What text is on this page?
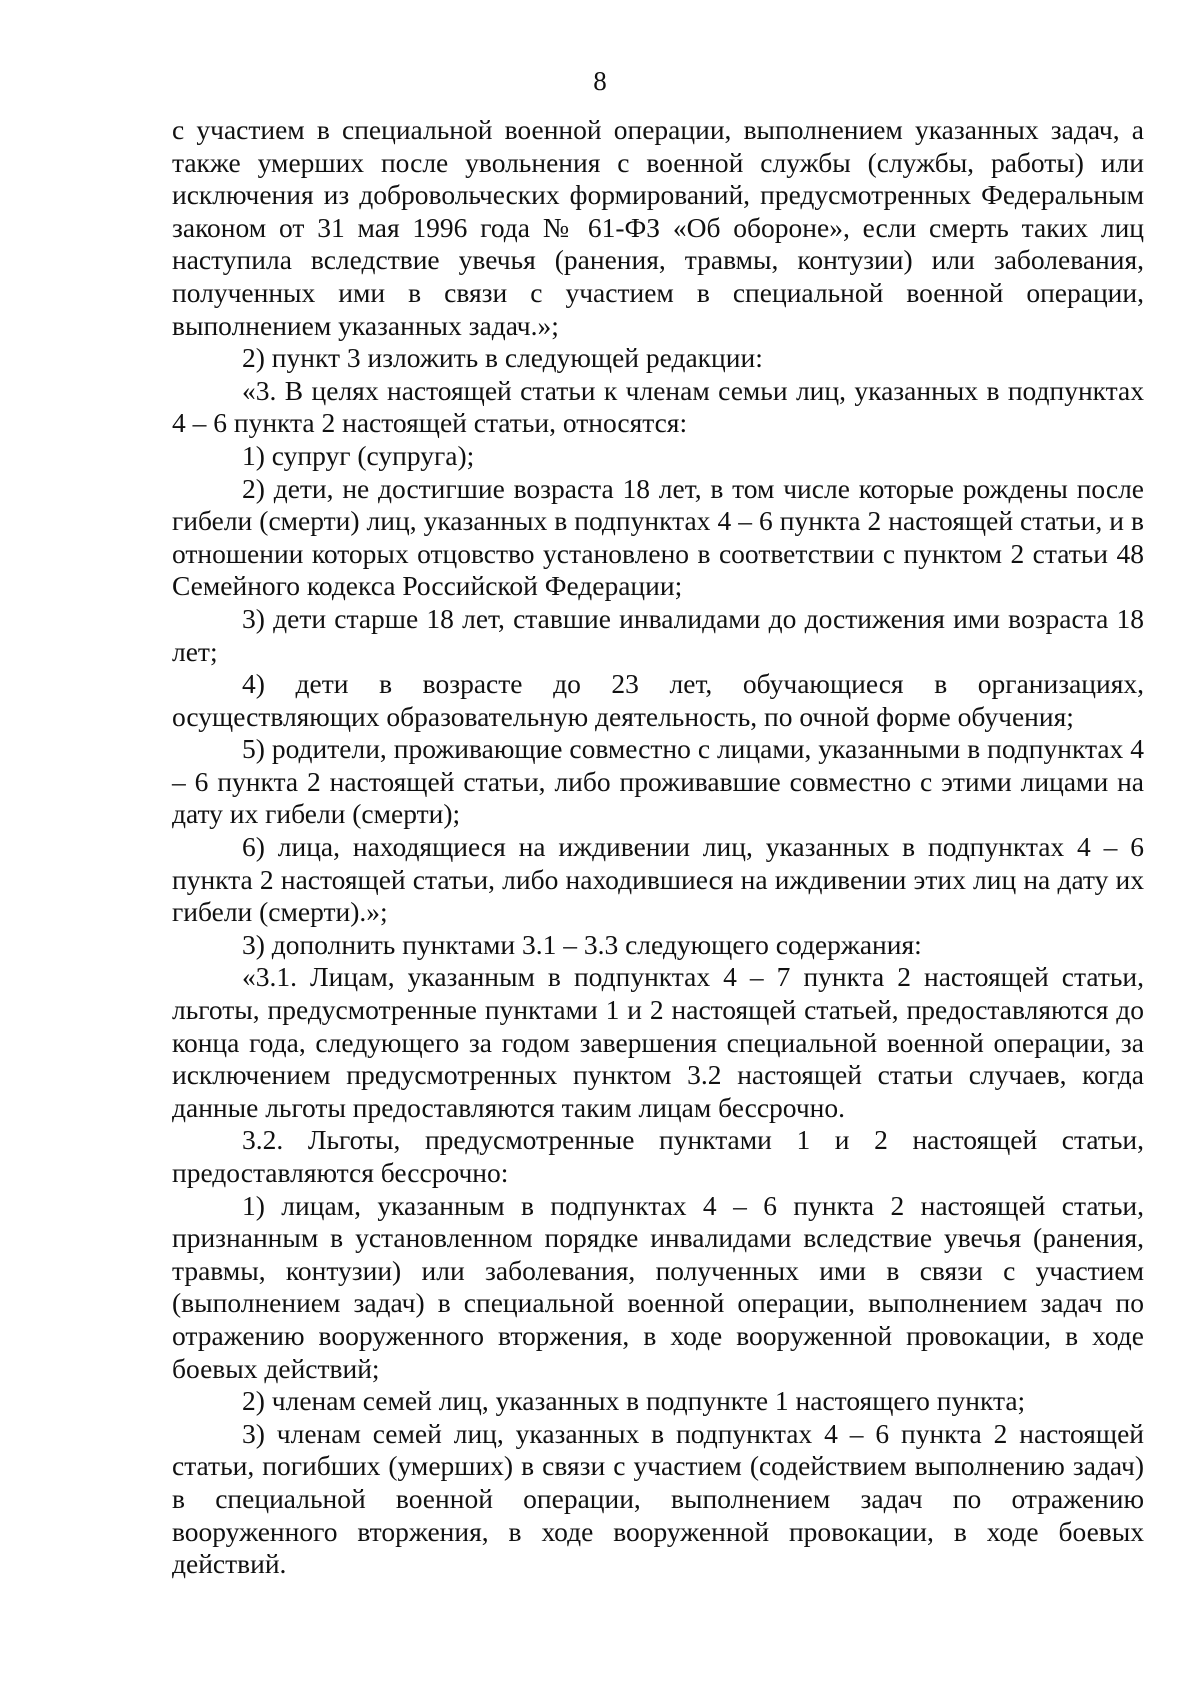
8

с участием в специальной военной операции, выполнением указанных задач, а также умерших после увольнения с военной службы (службы, работы) или исключения из добровольческих формирований, предусмотренных Федеральным законом от 31 мая 1996 года № 61-ФЗ «Об обороне», если смерть таких лиц наступила вследствие увечья (ранения, травмы, контузии) или заболевания, полученных ими в связи с участием в специальной военной операции, выполнением указанных задач.»;

2) пункт 3 изложить в следующей редакции:

«3. В целях настоящей статьи к членам семьи лиц, указанных в подпунктах 4 – 6 пункта 2 настоящей статьи, относятся:

1) супруг (супруга);

2) дети, не достигшие возраста 18 лет, в том числе которые рождены после гибели (смерти) лиц, указанных в подпунктах 4 – 6 пункта 2 настоящей статьи, и в отношении которых отцовство установлено в соответствии с пунктом 2 статьи 48 Семейного кодекса Российской Федерации;

3) дети старше 18 лет, ставшие инвалидами до достижения ими возраста 18 лет;

4) дети в возрасте до 23 лет, обучающиеся в организациях, осуществляющих образовательную деятельность, по очной форме обучения;

5) родители, проживающие совместно с лицами, указанными в подпунктах 4 – 6 пункта 2 настоящей статьи, либо проживавшие совместно с этими лицами на дату их гибели (смерти);

6) лица, находящиеся на иждивении лиц, указанных в подпунктах 4 – 6 пункта 2 настоящей статьи, либо находившиеся на иждивении этих лиц на дату их гибели (смерти).»;

3) дополнить пунктами 3.1 – 3.3 следующего содержания:

«3.1. Лицам, указанным в подпунктах 4 – 7 пункта 2 настоящей статьи, льготы, предусмотренные пунктами 1 и 2 настоящей статьей, предоставляются до конца года, следующего за годом завершения специальной военной операции, за исключением предусмотренных пунктом 3.2 настоящей статьи случаев, когда данные льготы предоставляются таким лицам бессрочно.

3.2. Льготы, предусмотренные пунктами 1 и 2 настоящей статьи, предоставляются бессрочно:

1) лицам, указанным в подпунктах 4 – 6 пункта 2 настоящей статьи, признанным в установленном порядке инвалидами вследствие увечья (ранения, травмы, контузии) или заболевания, полученных ими в связи с участием (выполнением задач) в специальной военной операции, выполнением задач по отражению вооруженного вторжения, в ходе вооруженной провокации, в ходе боевых действий;

2) членам семей лиц, указанных в подпункте 1 настоящего пункта;

3) членам семей лиц, указанных в подпунктах 4 – 6 пункта 2 настоящей статьи, погибших (умерших) в связи с участием (содействием выполнению задач) в специальной военной операции, выполнением задач по отражению вооруженного вторжения, в ходе вооруженной провокации, в ходе боевых действий.
